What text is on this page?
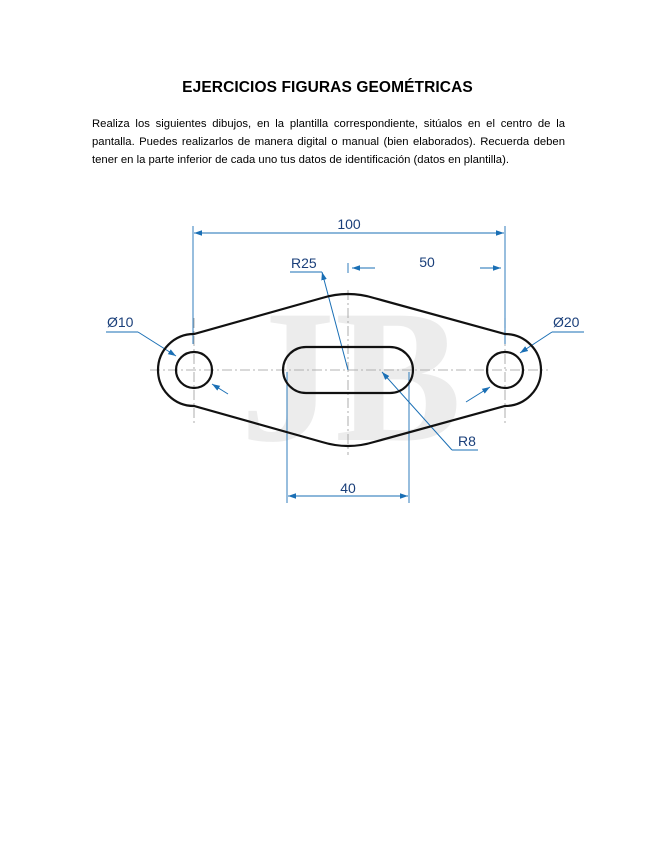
EJERCICIOS FIGURAS GEOMÉTRICAS
Realiza los siguientes dibujos, en la plantilla correspondiente, sitúalos en el centro de la pantalla. Puedes realizarlos de manera digital o manual (bien elaborados). Recuerda deben tener en la parte inferior de cada uno tus datos de identificación (datos en plantilla).
JB
100
50
40
R25
R8
Ø10	Ø20
